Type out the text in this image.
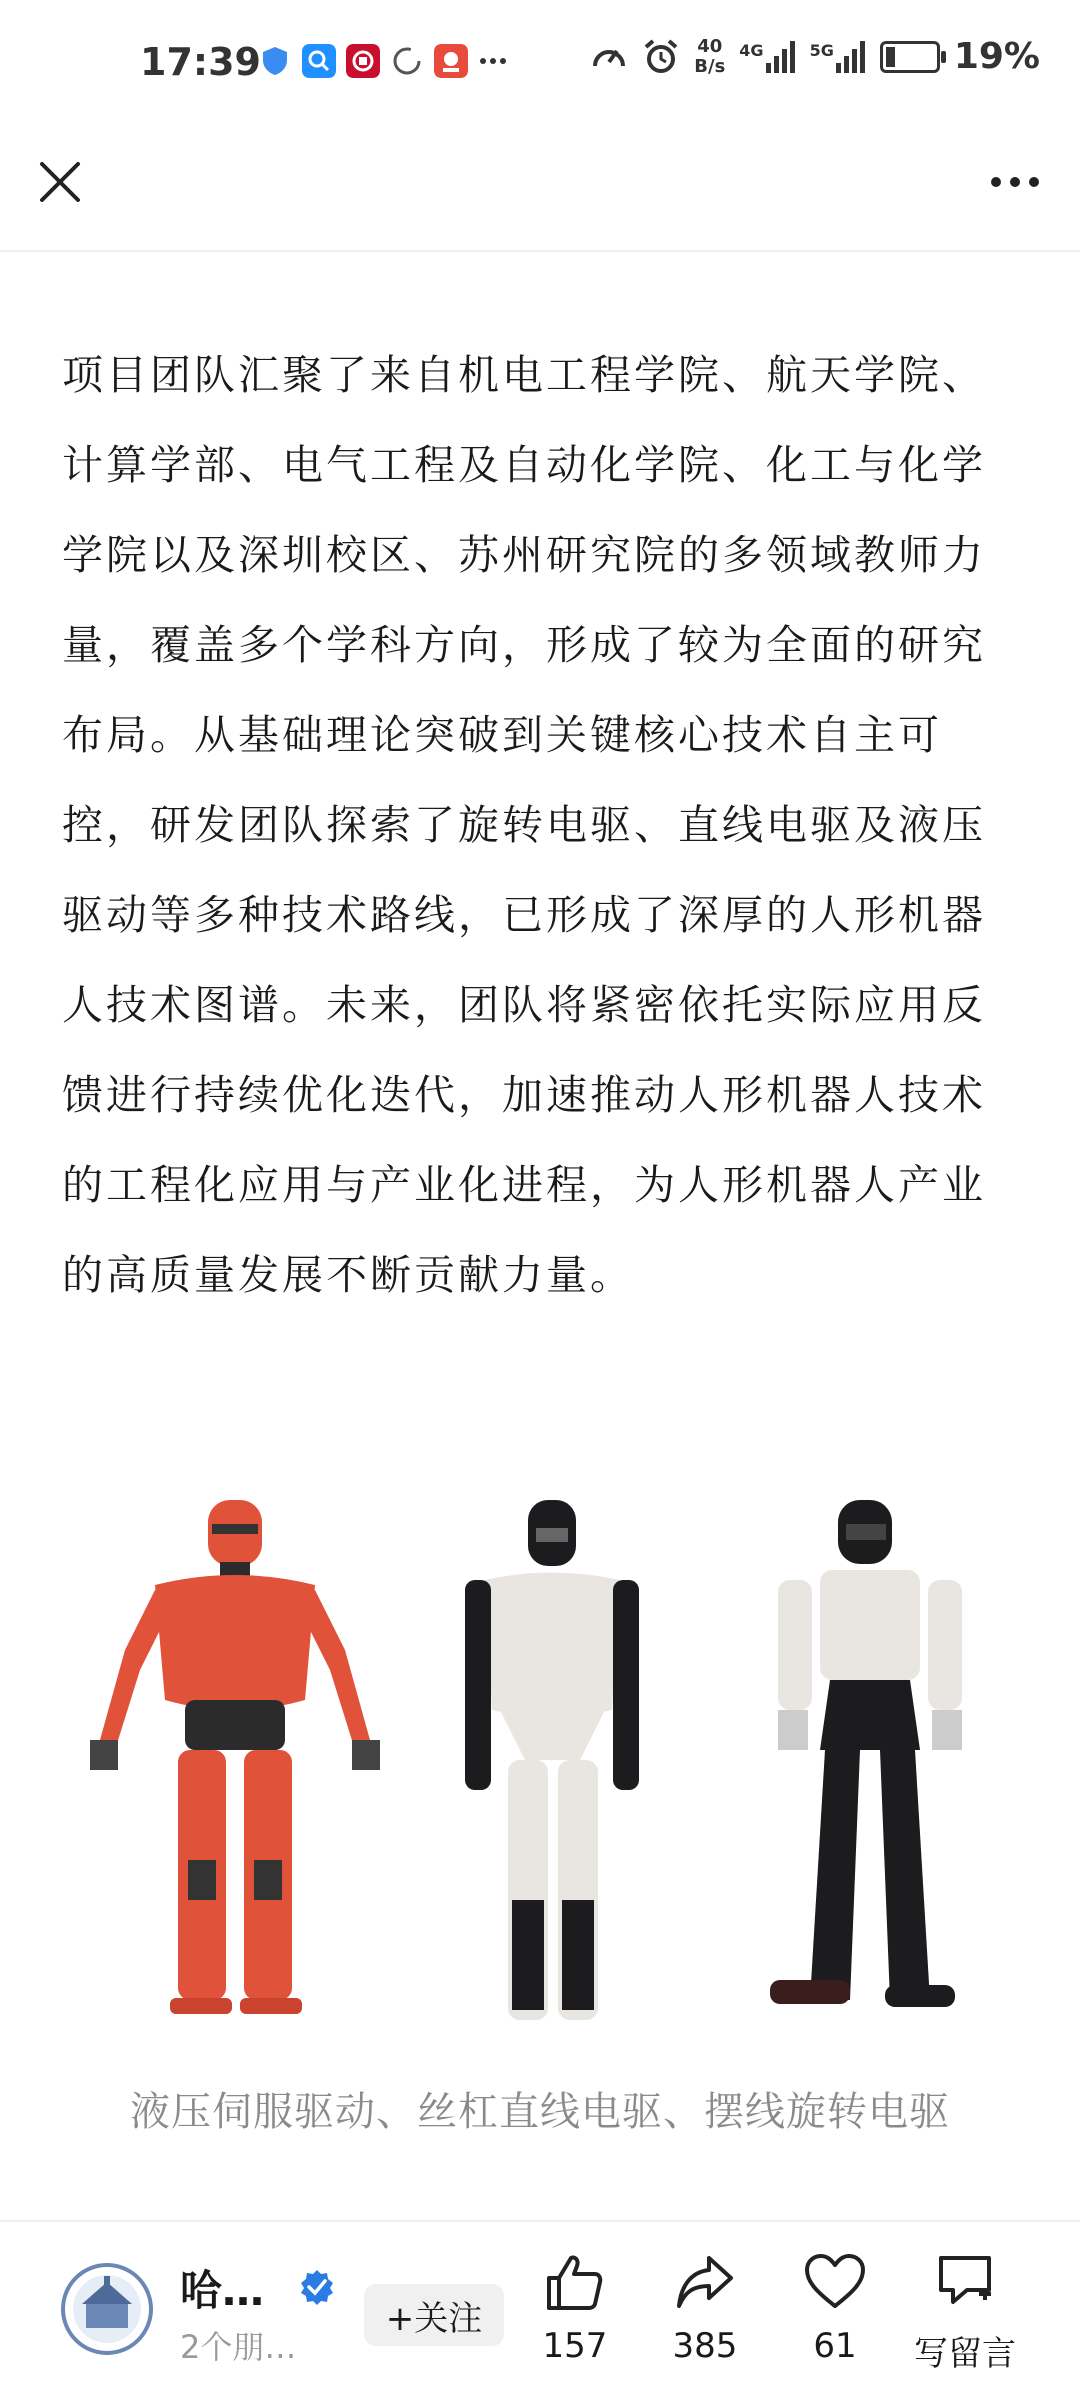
17:39	40
B/s
4G	5G	19%
项目团队汇聚了来自机电工程学院、航天学院、计算学部、电气工程及自动化学院、化工与化学学院以及深圳校区、苏州研究院的多领域教师力量，覆盖多个学科方向，形成了较为全面的研究布局。从基础理论突破到关键核心技术自主可控，研发团队探索了旋转电驱、直线电驱及液压驱动等多种技术路线，已形成了深厚的人形机器人技术图谱。未来，团队将紧密依托实际应用反馈进行持续优化迭代，加速推动人形机器人技术的工程化应用与产业化进程，为人形机器人产业的高质量发展不断贡献力量。
液压伺服驱动、丝杠直线电驱、摆线旋转电驱
哈…
2个朋…
+关注
157	385	61	写留言
